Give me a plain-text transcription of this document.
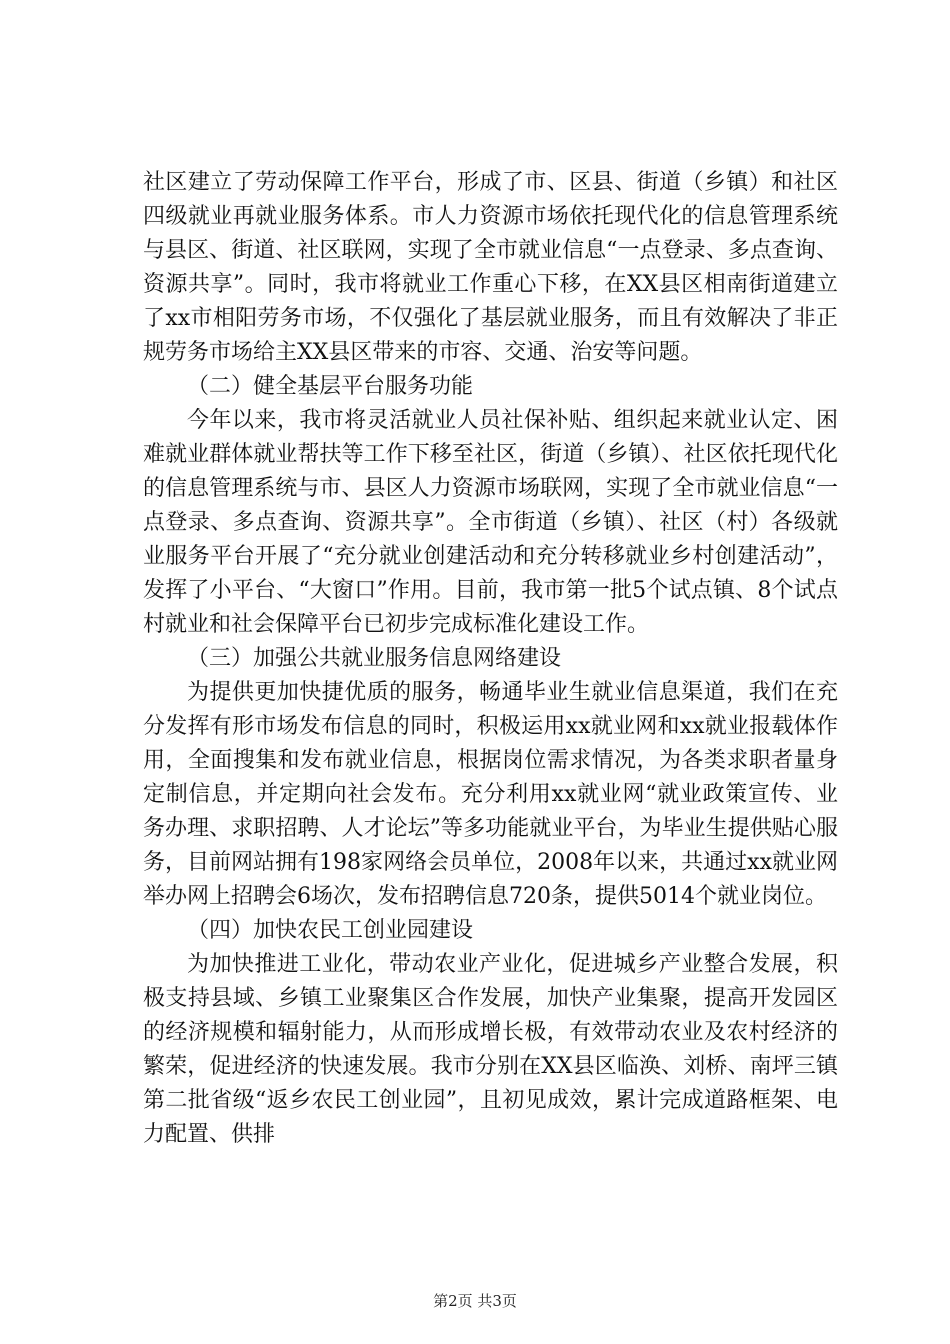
社区建立了劳动保障工作平台，形成了市、区县、街道（乡镇）和社区四级就业再就业服务体系。市人力资源市场依托现代化的信息管理系统与县区、街道、社区联网，实现了全市就业信息“一点登录、多点查询、资源共享”。同时，我市将就业工作重心下移，在XX县区相南街道建立了xx市相阳劳务市场，不仅强化了基层就业服务，而且有效解决了非正规劳务市场给主XX县区带来的市容、交通、治安等问题。

（二）健全基层平台服务功能

今年以来，我市将灵活就业人员社保补贴、组织起来就业认定、困难就业群体就业帮扶等工作下移至社区，街道（乡镇）、社区依托现代化的信息管理系统与市、县区人力资源市场联网，实现了全市就业信息“一点登录、多点查询、资源共享”。全市街道（乡镇）、社区（村）各级就业服务平台开展了“充分就业创建活动和充分转移就业乡村创建活动”，发挥了小平台、“大窗口”作用。目前，我市第一批5个试点镇、8个试点村就业和社会保障平台已初步完成标准化建设工作。

（三）加强公共就业服务信息网络建设

为提供更加快捷优质的服务，畅通毕业生就业信息渠道，我们在充分发挥有形市场发布信息的同时，积极运用xx就业网和xx就业报载体作用，全面搜集和发布就业信息，根据岗位需求情况，为各类求职者量身定制信息，并定期向社会发布。充分利用xx就业网“就业政策宣传、业务办理、求职招聘、人才论坛”等多功能就业平台，为毕业生提供贴心服务，目前网站拥有198家网络会员单位，2008年以来，共通过xx就业网举办网上招聘会6场次，发布招聘信息720条，提供5014个就业岗位。

（四）加快农民工创业园建设

为加快推进工业化，带动农业产业化，促进城乡产业整合发展，积极支持县域、乡镇工业聚集区合作发展，加快产业集聚，提高开发园区的经济规模和辐射能力，从而形成增长极，有效带动农业及农村经济的繁荣，促进经济的快速发展。我市分别在XX县区临涣、刘桥、南坪三镇第二批省级“返乡农民工创业园”，且初见成效，累计完成道路框架、电力配置、供排

第2页 共3页
